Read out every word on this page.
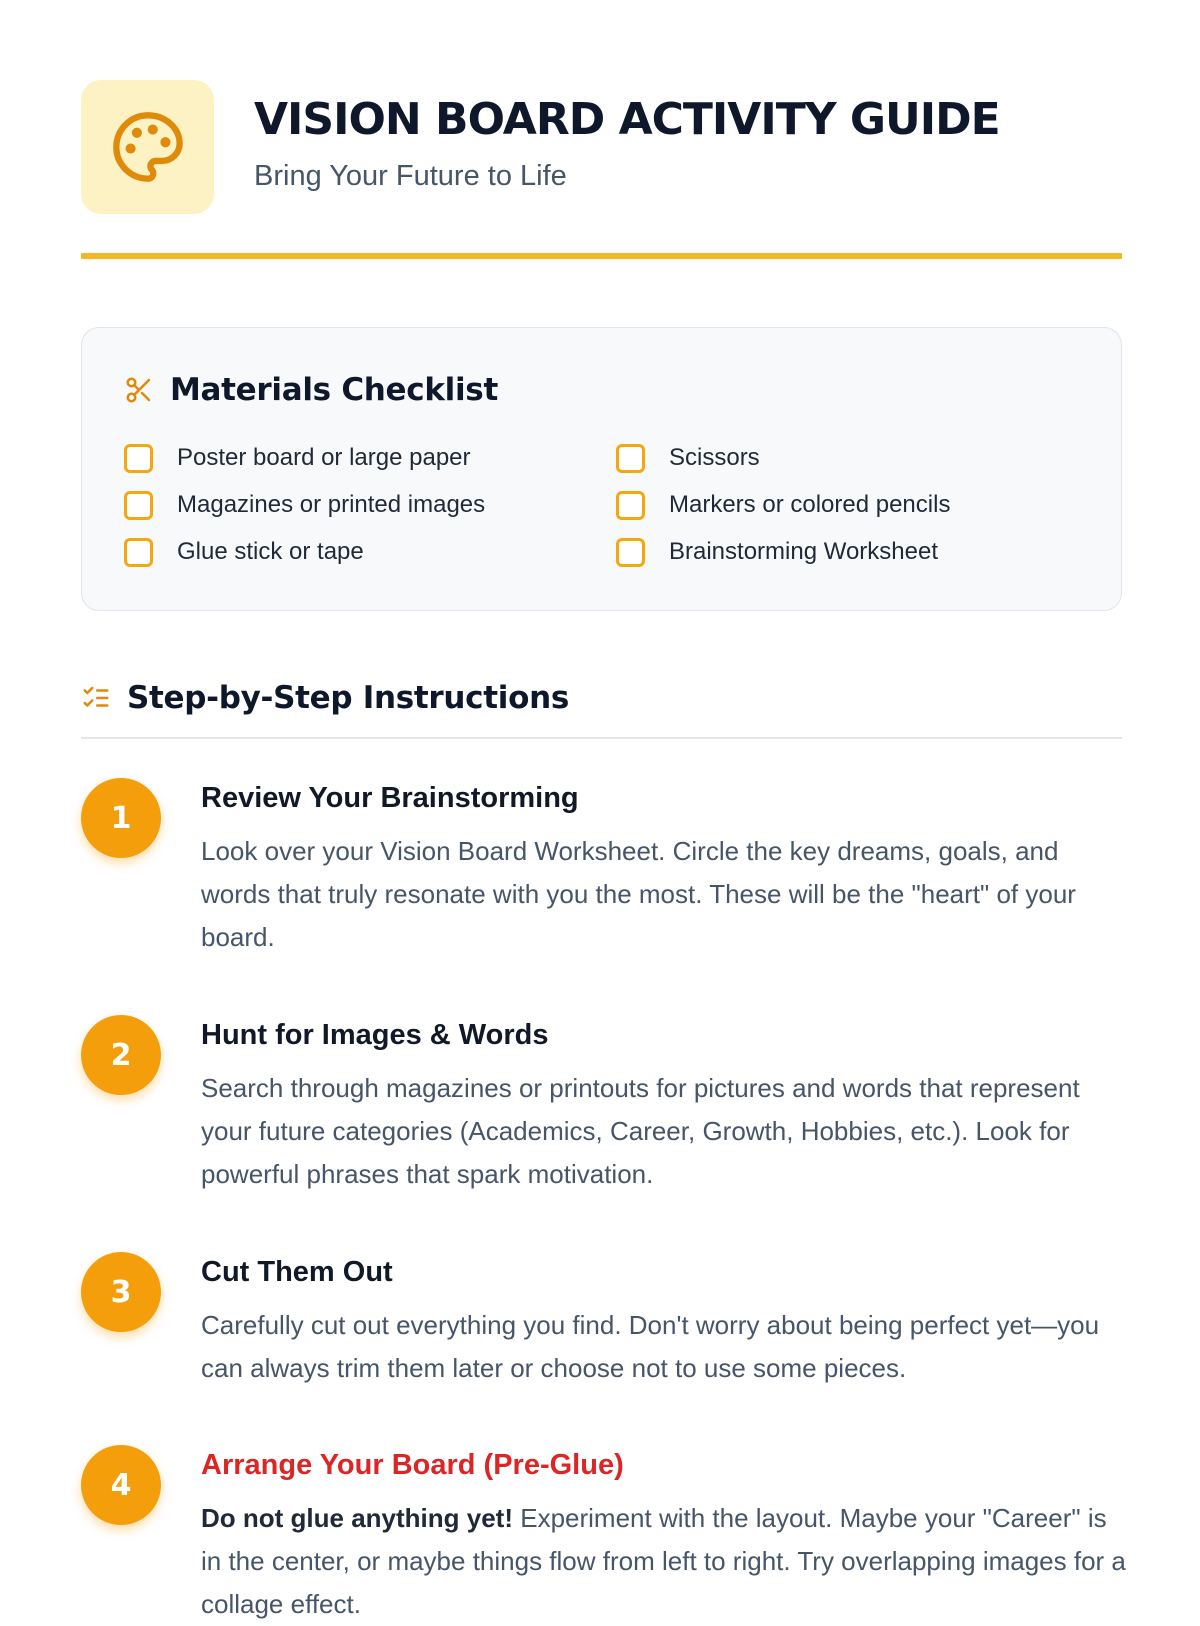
VISION BOARD ACTIVITY GUIDE
Bring Your Future to Life
Materials Checklist
Poster board or large paper	Scissors
Magazines or printed images	Markers or colored pencils
Glue stick or tape	Brainstorming Worksheet
Step-by-Step Instructions
1
Review Your Brainstorming

Look over your Vision Board Worksheet. Circle the key dreams, goals, and words that truly resonate with you the most. These will be the "heart" of your board.

2
Hunt for Images & Words

Search through magazines or printouts for pictures and words that represent your future categories (Academics, Career, Growth, Hobbies, etc.). Look for powerful phrases that spark motivation.

3
Cut Them Out

Carefully cut out everything you find. Don't worry about being perfect yet—you can always trim them later or choose not to use some pieces.

4
Arrange Your Board (Pre-Glue)

Do not glue anything yet! Experiment with the layout. Maybe your "Career" is in the center, or maybe things flow from left to right. Try overlapping images for a collage effect.
